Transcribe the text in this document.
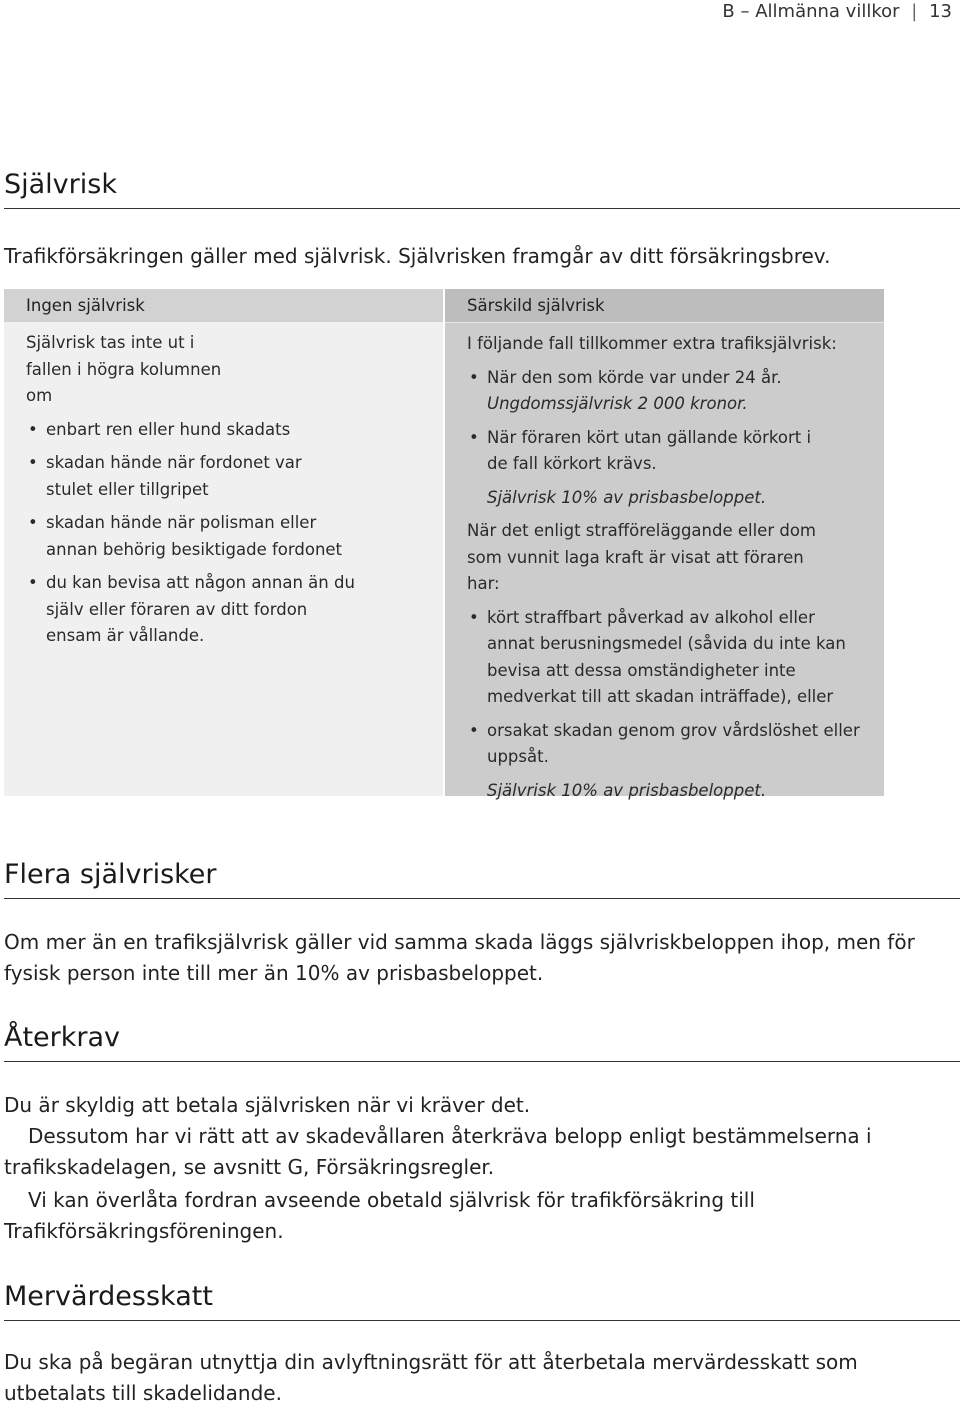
B – Allmänna villkor | 13
Självrisk

Trafikförsäkringen gäller med självrisk. Självrisken framgår av ditt försäkringsbrev.

Ingen självrisk

Självrisk tas inte ut i fallen i högra kolumnen om

• enbart ren eller hund skadats
• skadan hände när fordonet var stulet eller tillgripet
• skadan hände när polisman eller annan behörig besiktigade fordonet
• du kan bevisa att någon annan än du själv eller föraren av ditt fordon ensam är vållande.
Särskild självrisk

I följande fall tillkommer extra trafiksjälvrisk:

• När den som körde var under 24 år.
Ungdomssjälvrisk 2 000 kronor.
• När föraren kört utan gällande körkort i de fall körkort krävs.
Självrisk 10% av prisbasbeloppet.

När det enligt strafföreläggande eller dom som vunnit laga kraft är visat att föraren har:

• kört straffbart påverkad av alkohol eller annat berusningsmedel (såvida du inte kan bevisa att dessa omständigheter inte medverkat till att skadan inträffade), eller
• orsakat skadan genom grov vårdslöshet eller uppsåt.
Självrisk 10% av prisbasbeloppet.
Flera självrisker

Om mer än en trafiksjälvrisk gäller vid samma skada läggs självriskbeloppen ihop, men för fysisk person inte till mer än 10% av prisbasbeloppet.

Återkrav

Du är skyldig att betala självrisken när vi kräver det.

Dessutom har vi rätt att av skadevållaren återkräva belopp enligt bestämmelserna i trafikskadelagen, se avsnitt G, Försäkringsregler.

Vi kan överlåta fordran avseende obetald självrisk för trafikförsäkring till Trafikförsäkringsföreningen.

Mervärdesskatt

Du ska på begäran utnyttja din avlyftningsrätt för att återbetala mervärdesskatt som utbetalats till skadelidande.
